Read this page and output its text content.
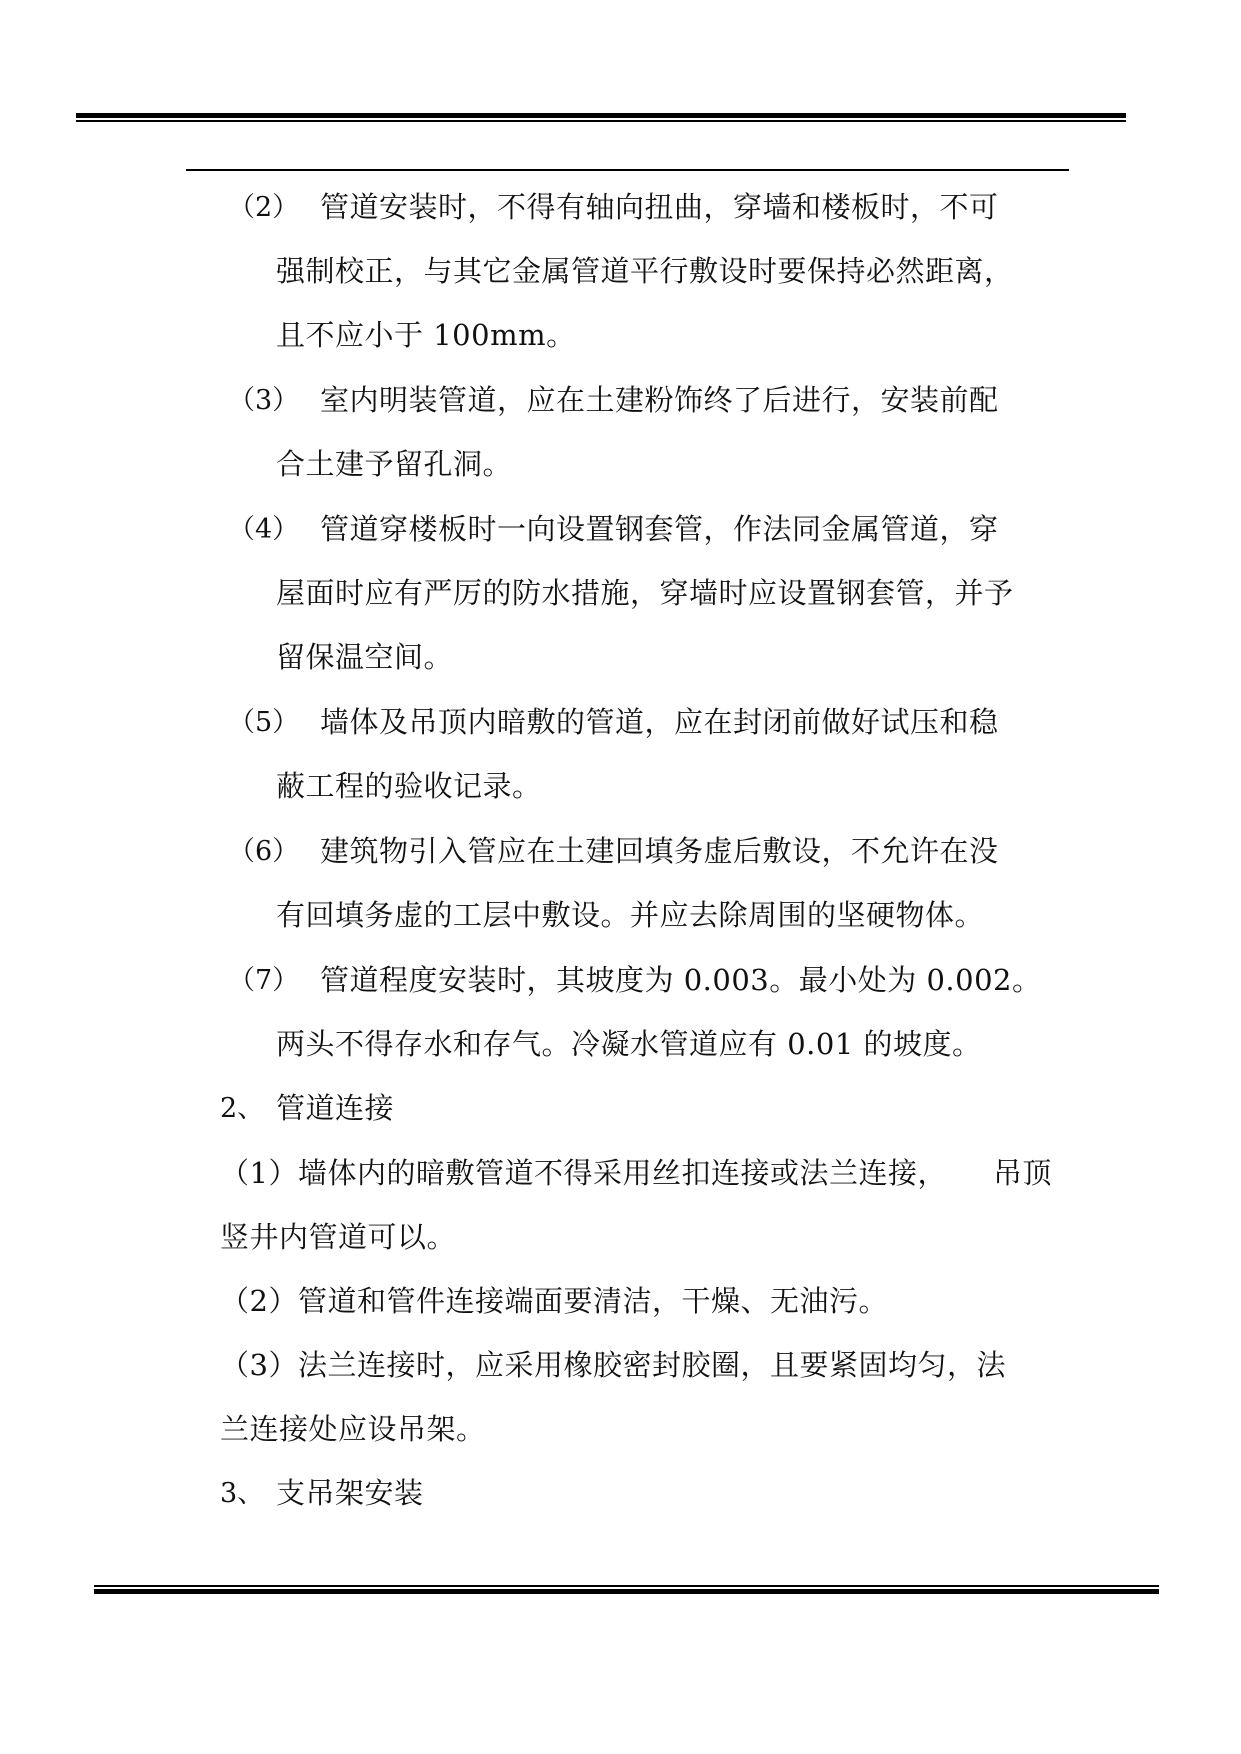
（2） 管道安装时，不得有轴向扭曲，穿墙和楼板时，不可
强制校正，与其它金属管道平行敷设时要保持必然距离，
且不应小于 100mm。
（3） 室内明装管道，应在土建粉饰终了后进行，安装前配
合土建予留孔洞。
（4） 管道穿楼板时一向设置钢套管，作法同金属管道，穿
屋面时应有严厉的防水措施，穿墙时应设置钢套管，并予
留保温空间。
（5） 墙体及吊顶内暗敷的管道，应在封闭前做好试压和稳
蔽工程的验收记录。
（6） 建筑物引入管应在土建回填务虚后敷设，不允许在没
有回填务虚的工层中敷设。并应去除周围的坚硬物体。
（7） 管道程度安装时，其坡度为 0.003。最小处为 0.002。
两头不得存水和存气。冷凝水管道应有 0.01 的坡度。
2、 管道连接
（1）墙体内的暗敷管道不得采用丝扣连接或法兰连接， 吊顶
竖井内管道可以。
（2）管道和管件连接端面要清洁，干燥、无油污。
（3）法兰连接时，应采用橡胶密封胶圈，且要紧固均匀，法
兰连接处应设吊架。
3、 支吊架安装
